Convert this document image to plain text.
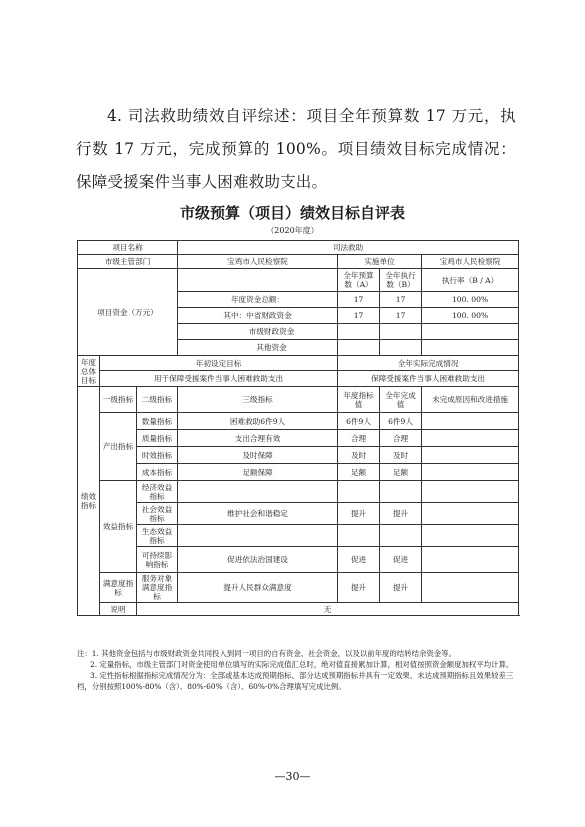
4. 司法救助绩效自评综述：项目全年预算数 17 万元，执行数 17 万元，完成预算的 100%。项目绩效目标完成情况：保障受援案件当事人困难救助支出。

市级预算（项目）绩效目标自评表
（2020年度）
项目名称			司法救助			
市级主管部门			宝鸡市人民检察院	实施单位		宝鸡市人民检察院
项目资金（万元）				全年预算数（A）	全年执行数（B）	执行率（B / A）
			年度资金总额：	17	17	100. 00%
			其中：中省财政资金	17	17	100. 00%
			市级财政资金			
			其他资金			
年度总体目标	年初设定目标			全年实际完成情况		
	用于保障受援案件当事人困难救助支出			保障受援案件当事人困难救助支出		
绩效指标	一级指标	二级指标	三级指标	年度指标值	全年完成值	未完成原因和改进措施
	产出指标	数量指标	困难救助6件9人	6件9人	6件9人	
		质量指标	支出合理有效	合理	合理	
		时效指标	及时保障	及时	及时	
		成本指标	足额保障	足额	足额	
	效益指标	经济效益指标				
		社会效益指标	维护社会和谐稳定	提升	提升	
		生态效益指标				
		可持续影响指标	促进依法治国建设	促进	促进	
	满意度指标	服务对象满意度指标	提升人民群众满意度	提升	提升	
	说明	无				

注：1. 其他资金包括与市级财政资金共同投入到同一项目的自有资金、社会资金，以及以前年度的结转结余资金等。

2. 定量指标，市级主管部门对资金使用单位填写的实际完成值汇总时，绝对值直接累加计算，相对值按照资金额度加权平均计算。

3. 定性指标根据指标完成情况分为：全部或基本达成预期指标、部分达成预期指标并具有一定效果、未达成预期指标且效果较差三档，分别按照100%-80%（含）、80%-60%（含）、60%-0%合理填写完成比例。

—30—
